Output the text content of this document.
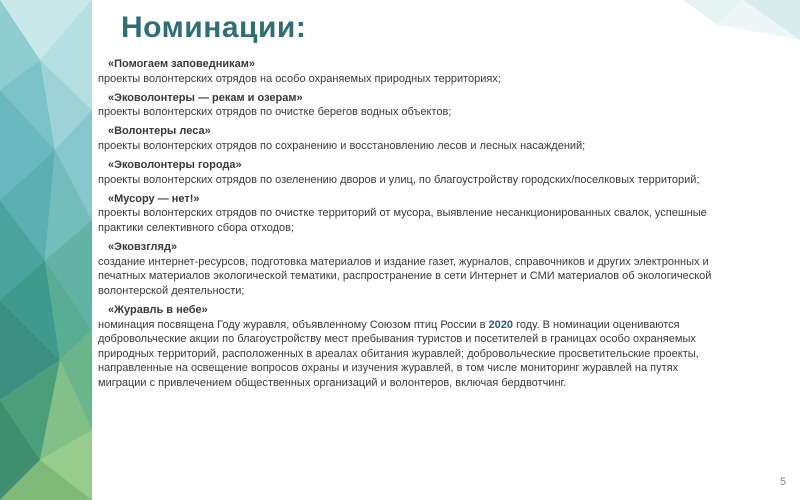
Номинации:
«Помогаем заповедникам»
проекты волонтерских отрядов на особо охраняемых природных территориях;
«Эковолонтеры — рекам и озерам»
проекты волонтерских отрядов по очистке берегов водных объектов;
«Волонтеры леса»
проекты волонтерских отрядов по сохранению и восстановлению лесов и лесных насаждений;
«Эковолонтеры города»
проекты волонтерских отрядов по озеленению дворов и улиц, по благоустройству городских/поселковых территорий;
«Мусору — нет!»
проекты волонтерских отрядов по очистке территорий от мусора, выявление несанкционированных свалок, успешные практики селективного сбора отходов;
«Эковзгляд»
создание интернет-ресурсов, подготовка материалов и издание газет, журналов, справочников и других электронных и печатных материалов экологической тематики, распространение в сети Интернет и СМИ материалов об экологической волонтерской деятельности;
«Журавль в небе»
номинация посвящена Году журавля, объявленному Союзом птиц России в 2020 году. В номинации оцениваются добровольческие акции по благоустройству мест пребывания туристов и посетителей в границах особо охраняемых природных территорий, расположенных в ареалах обитания журавлей; добровольческие просветительские проекты, направленные на освещение вопросов охраны и изучения журавлей, в том числе мониторинг журавлей на путях миграции с привлечением общественных организаций и волонтеров, включая бердвотчинг.
5
